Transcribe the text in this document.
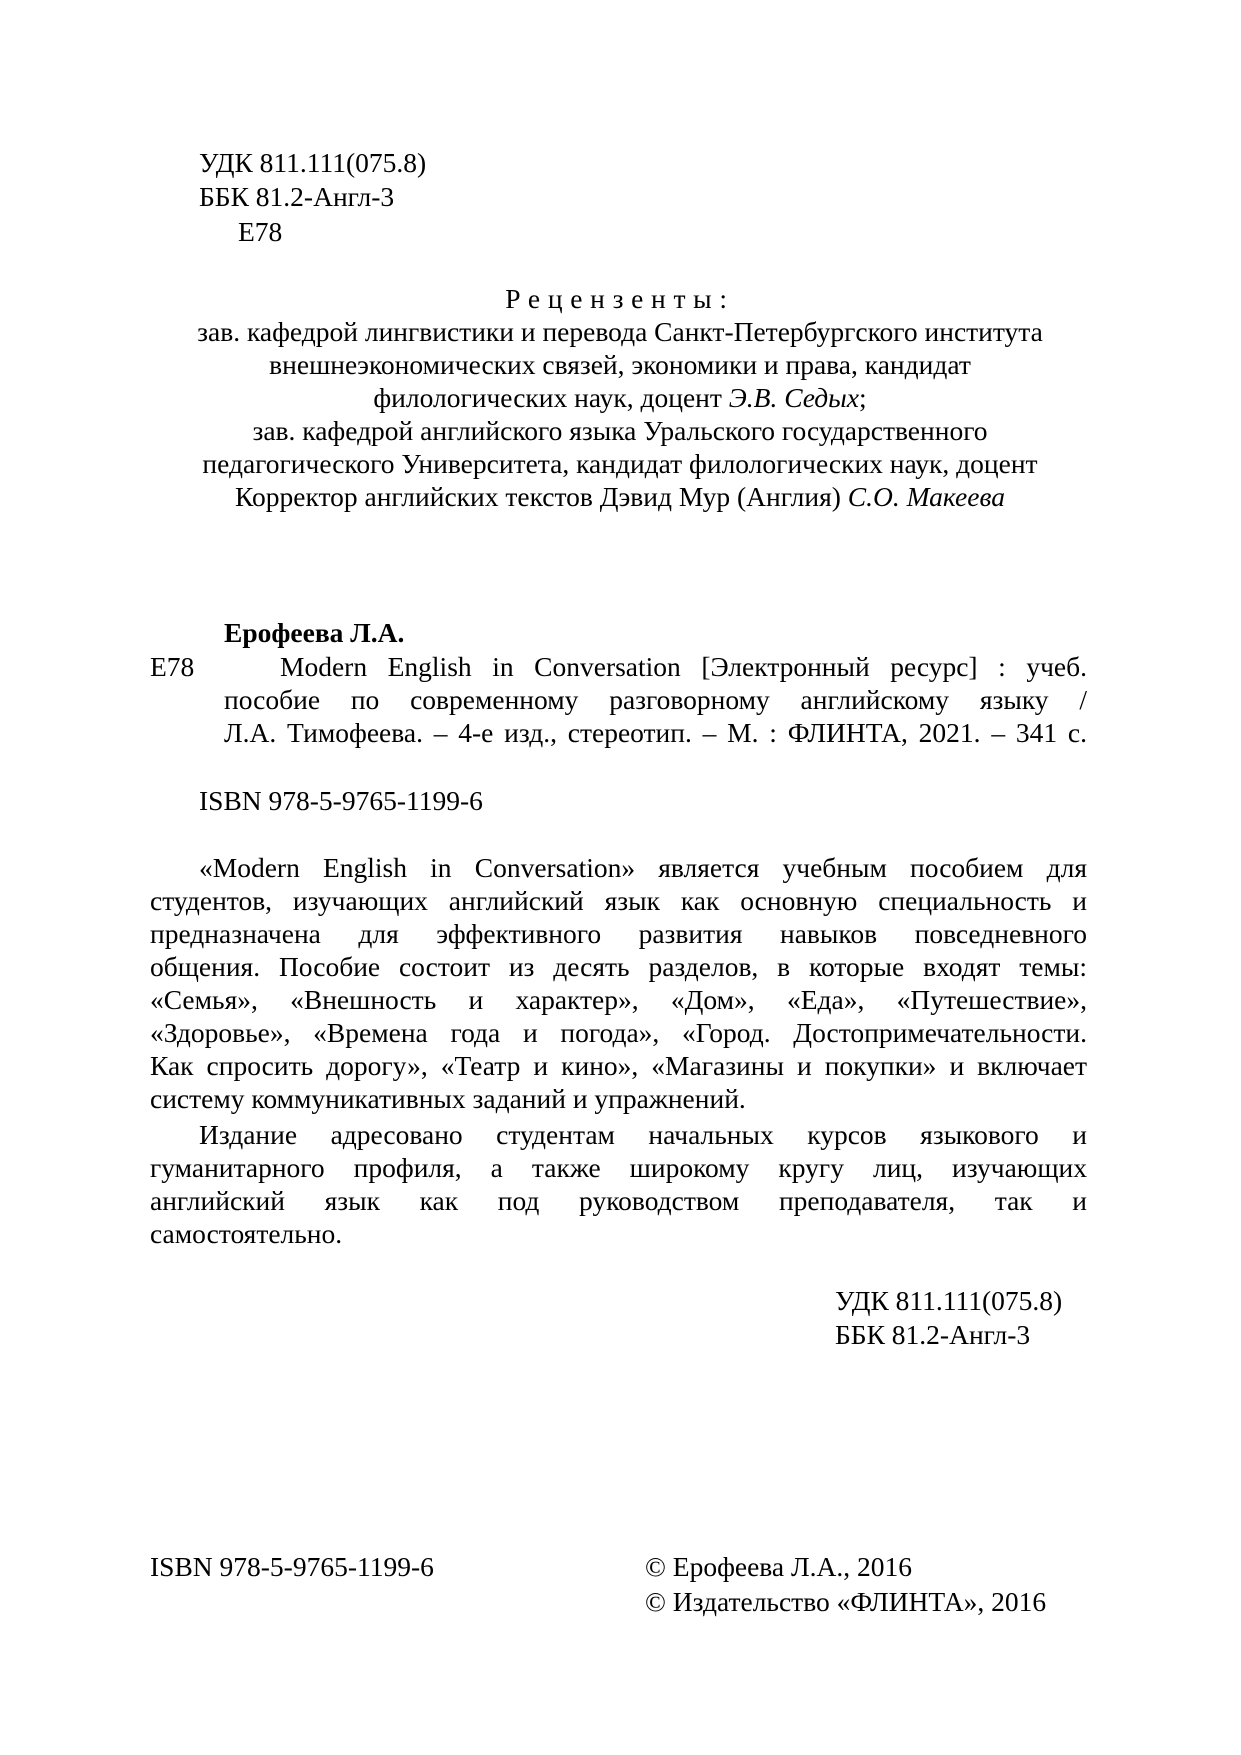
УДК 811.111(075.8)
ББК 81.2-Англ-3
Е78
Рецензенты:
зав. кафедрой лингвистики и перевода Санкт-Петербургского института
внешнеэкономических связей, экономики и права, кандидат
филологических наук, доцент Э.В. Седых;
зав. кафедрой английского языка Уральского государственного
педагогического Университета, кандидат филологических наук, доцент
Корректор английских текстов Дэвид Мур (Англия) С.О. Макеева
Ерофеева Л.А.
Е78	Modern English in Conversation [Электронный ресурс] : учеб.
пособие по современному разговорному английскому языку /
Л.А. Тимофеева. – 4-е изд., стереотип. – М. : ФЛИНТА, 2021. – 341 с.
ISBN 978-5-9765-1199-6
«Modern English in Conversation» является учебным пособием для
студентов, изучающих английский язык как основную специальность и
предназначена для эффективного развития навыков повседневного
общения. Пособие состоит из десять разделов, в которые входят темы:
«Семья», «Внешность и характер», «Дом», «Еда», «Путешествие»,
«Здоровье», «Времена года и погода», «Город. Достопримечательности.
Как спросить дорогу», «Театр и кино», «Магазины и покупки» и включает
систему коммуникативных заданий и упражнений.
Издание адресовано студентам начальных курсов языкового и
гуманитарного профиля, а также широкому кругу лиц, изучающих
английский язык как под руководством преподавателя, так и
самостоятельно.
УДК 811.111(075.8)
ББК 81.2-Англ-3
ISBN 978-5-9765-1199-6	© Ерофеева Л.А., 2016
© Издательство «ФЛИНТА», 2016
